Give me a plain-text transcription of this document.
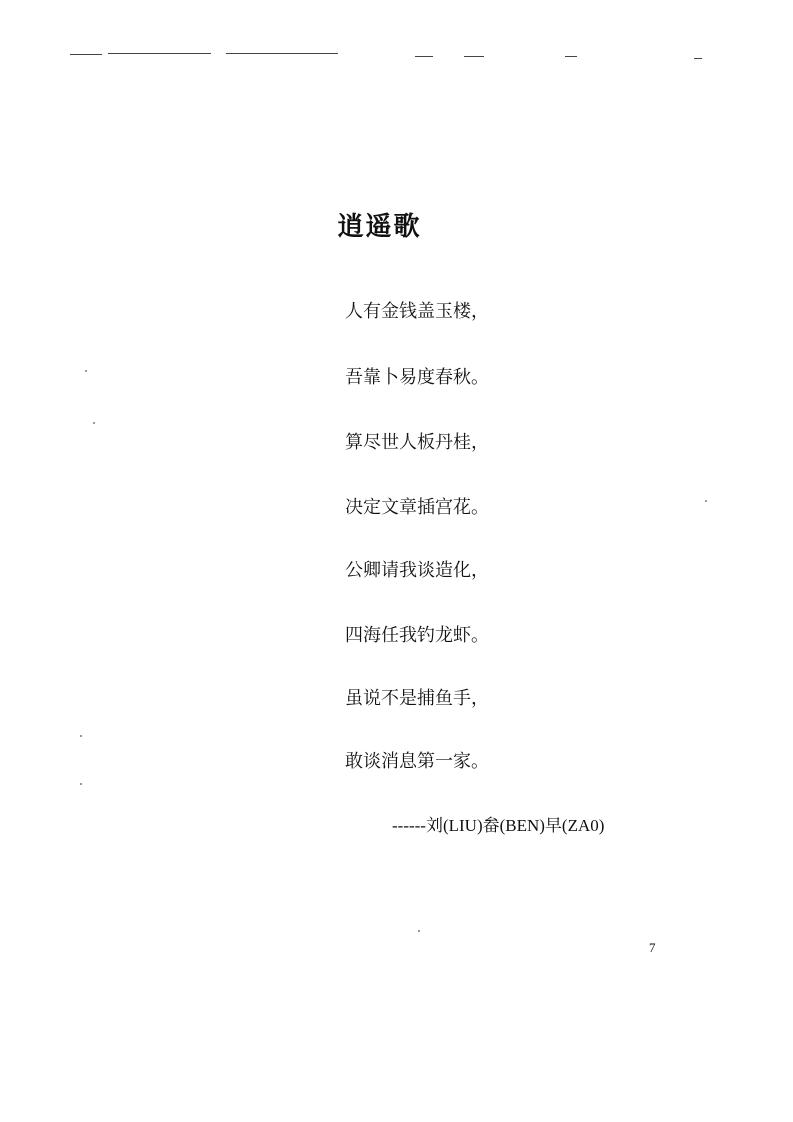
逍遥歌
人有金钱盖玉楼，
吾靠卜易度春秋。
算尽世人板丹桂，
决定文章插宫花。
公卿请我谈造化，
四海任我钓龙虾。
虽说不是捕鱼手，
敢谈消息第一家。
------刘(LIU)畚(BEN)早(ZA0)
7
